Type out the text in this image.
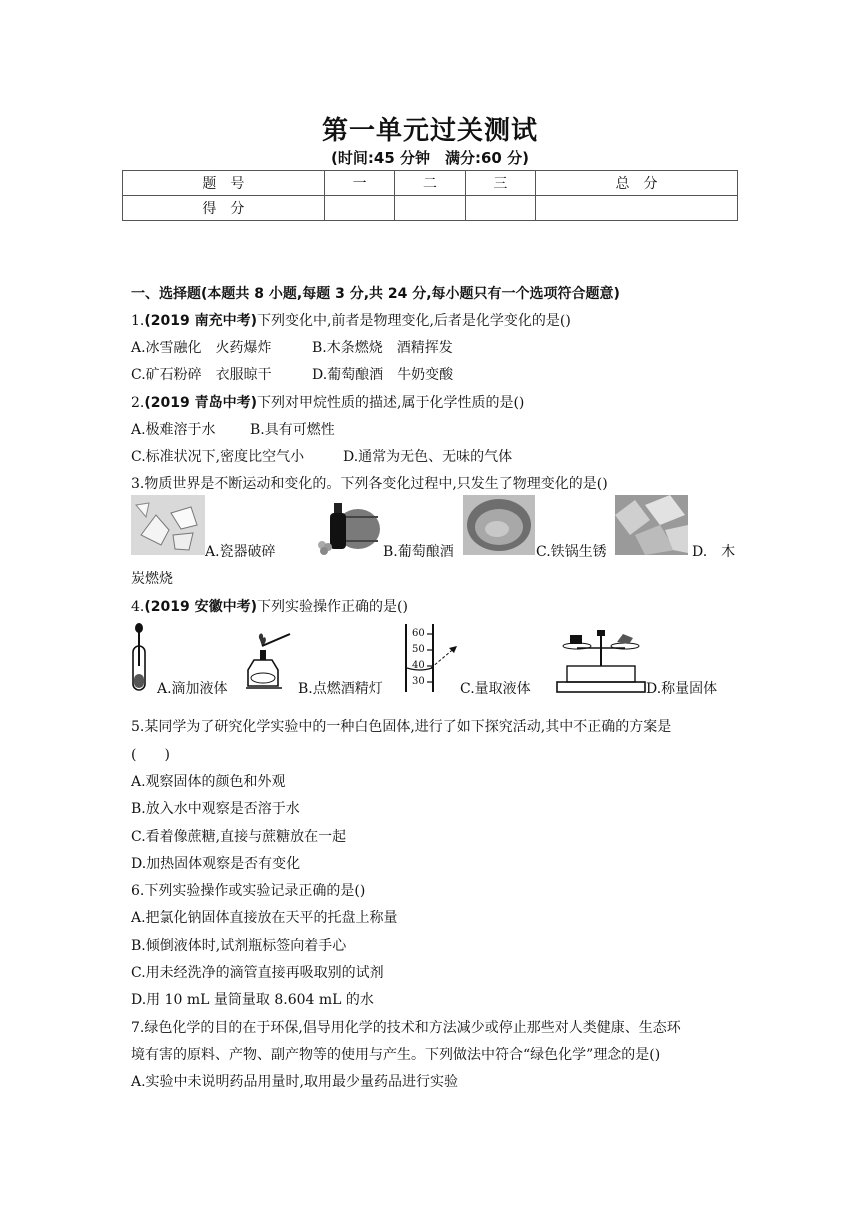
第一单元过关测试
(时间:45 分钟　满分:60 分)
题　号	一	二	三	总　分
得　分				
一、选择题(本题共 8 小题,每题 3 分,共 24 分,每小题只有一个选项符合题意)
1.(2019 南充中考)下列变化中,前者是物理变化,后者是化学变化的是()
A.冰雪融化　火药爆炸	B.木条燃烧　酒精挥发
C.矿石粉碎　衣服晾干	D.葡萄酿酒　牛奶变酸
2.(2019 青岛中考)下列对甲烷性质的描述,属于化学性质的是()
A.极难溶于水 B.具有可燃性
C.标准状况下,密度比空气小	D.通常为无色、无味的气体
3.物质世界是不断运动和变化的。下列各变化过程中,只发生了物理变化的是()
A.瓷器破碎	B.葡萄酿酒	C.铁锅生锈	D.　木
炭燃烧
4.(2019 安徽中考)下列实验操作正确的是()
A.滴加液体	B.点燃酒精灯
60
50
40
30	C.量取液体	D.称量固体
5.某同学为了研究化学实验中的一种白色固体,进行了如下探究活动,其中不正确的方案是
(　　)
A.观察固体的颜色和外观
B.放入水中观察是否溶于水
C.看着像蔗糖,直接与蔗糖放在一起
D.加热固体观察是否有变化
6.下列实验操作或实验记录正确的是()
A.把氯化钠固体直接放在天平的托盘上称量
B.倾倒液体时,试剂瓶标签向着手心
C.用未经洗净的滴管直接再吸取别的试剂
D.用 10 mL 量筒量取 8.604 mL 的水
7.绿色化学的目的在于环保,倡导用化学的技术和方法减少或停止那些对人类健康、生态环
境有害的原料、产物、副产物等的使用与产生。下列做法中符合“绿色化学”理念的是()
A.实验中未说明药品用量时,取用最少量药品进行实验
